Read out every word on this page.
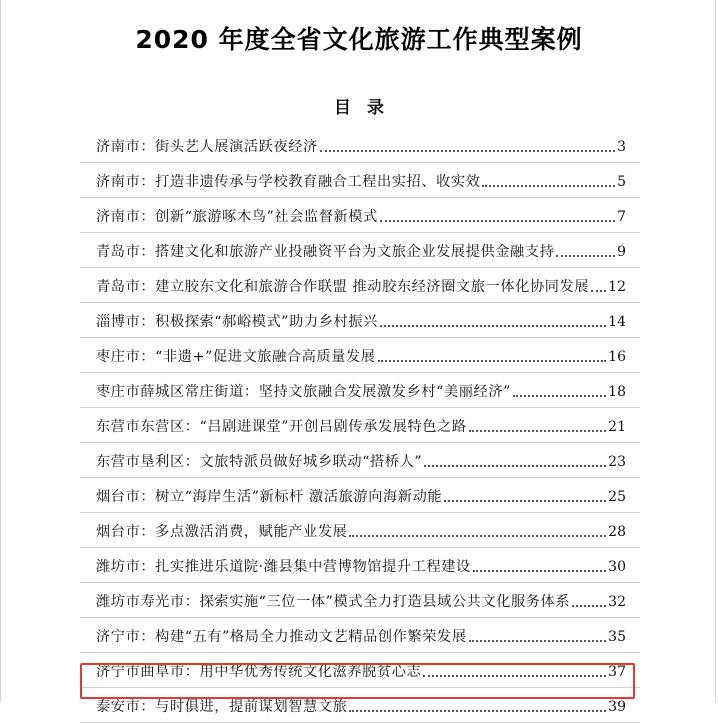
2020 年度全省文化旅游工作典型案例
目录
济南市：街头艺人展演活跃夜经济	3
济南市：打造非遗传承与学校教育融合工程出实招、收实效	5
济南市：创新“旅游啄木鸟”社会监督新模式	7
青岛市：搭建文化和旅游产业投融资平台为文旅企业发展提供金融支持	9
青岛市：建立胶东文化和旅游合作联盟 推动胶东经济圈文旅一体化协同发展 12
淄博市：积极探索“郝峪模式”助力乡村振兴	14
枣庄市：“非遗+”促进文旅融合高质量发展	16
枣庄市薛城区常庄街道：坚持文旅融合发展激发乡村“美丽经济”	18
东营市东营区：“吕剧进课堂”开创吕剧传承发展特色之路	21
东营市垦利区：文旅特派员做好城乡联动“搭桥人”	23
烟台市：树立“海岸生活”新标杆 激活旅游向海新动能	25
烟台市：多点激活消费，赋能产业发展	28
潍坊市：扎实推进乐道院·潍县集中营博物馆提升工程建设	30
潍坊市寿光市：探索实施“三位一体”模式全力打造县域公共文化服务体系	32
济宁市：构建“五有”格局全力推动文艺精品创作繁荣发展	35
济宁市曲阜市：用中华优秀传统文化滋养脱贫心志	37
泰安市：与时俱进，提前谋划智慧文旅	39
